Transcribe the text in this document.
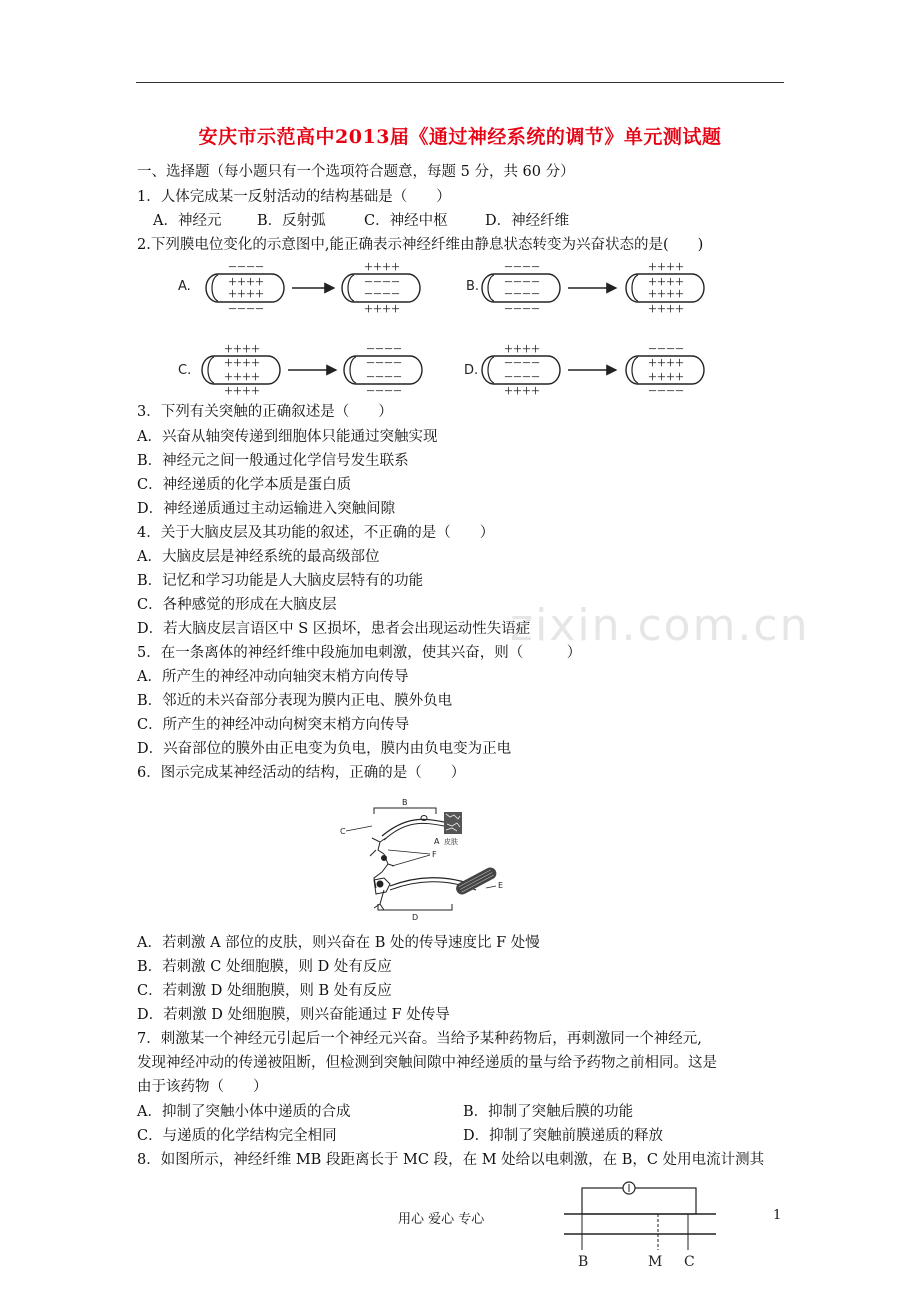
安庆市示范高中2013届《通过神经系统的调节》单元测试题
zixin.com.cn
一、选择题（每小题只有一个选项符合题意，每题 5 分，共 60 分）
1．人体完成某一反射活动的结构基础是（　　）
A．神经元 B．反射弧	C．神经中枢	D．神经纤维
2.下列膜电位变化的示意图中,能正确表示神经纤维由静息状态转变为兴奋状态的是(　　)
A.	B.
C.	D.
－－－－
＋＋＋＋
＋＋＋＋
－－－－
＋＋＋＋
－－－－
－－－－
＋＋＋＋
－－－－
－－－－
－－－－
－－－－
＋＋＋＋
＋＋＋＋
＋＋＋＋
＋＋＋＋
＋＋＋＋
＋＋＋＋
＋＋＋＋
＋＋＋＋
－－－－
－－－－
－－－－
－－－－
＋＋＋＋
－－－－
－－－－
＋＋＋＋
－－－－
＋＋＋＋
＋＋＋＋
－－－－
3．下列有关突触的正确叙述是（　　）
A．兴奋从轴突传递到细胞体只能通过突触实现
B．神经元之间一般通过化学信号发生联系
C．神经递质的化学本质是蛋白质
D．神经递质通过主动运输进入突触间隙
4．关于大脑皮层及其功能的叙述，不正确的是（　　）
A．大脑皮层是神经系统的最高级部位
B．记忆和学习功能是人大脑皮层特有的功能
C．各种感觉的形成在大脑皮层
D．若大脑皮层言语区中 S 区损坏，患者会出现运动性失语症
5．在一条离体的神经纤维中段施加电刺激，使其兴奋，则（　　　）
A．所产生的神经冲动向轴突末梢方向传导
B．邻近的未兴奋部分表现为膜内正电、膜外负电
C．所产生的神经冲动向树突末梢方向传导
D．兴奋部位的膜外由正电变为负电，膜内由负电变为正电
6．图示完成某神经活动的结构，正确的是（　　）
B
C
A 皮肤
F
E
D
A．若刺激 A 部位的皮肤，则兴奋在 B 处的传导速度比 F 处慢
B．若刺激 C 处细胞膜，则 D 处有反应
C．若刺激 D 处细胞膜，则 B 处有反应
D．若刺激 D 处细胞膜，则兴奋能通过 F 处传导
7．刺激某一个神经元引起后一个神经元兴奋。当给予某种药物后，再刺激同一个神经元,
发现神经冲动的传递被阻断，但检测到突触间隙中神经递质的量与给予药物之前相同。这是
由于该药物（　　）
A．抑制了突触小体中递质的合成	B．抑制了突触后膜的功能
C．与递质的化学结构完全相同	D．抑制了突触前膜递质的释放
8．如图所示，神经纤维 MB 段距离长于 MC 段，在 M 处给以电刺激，在 B，C 处用电流计测其
B	M C
用心 爱心 专心	1
